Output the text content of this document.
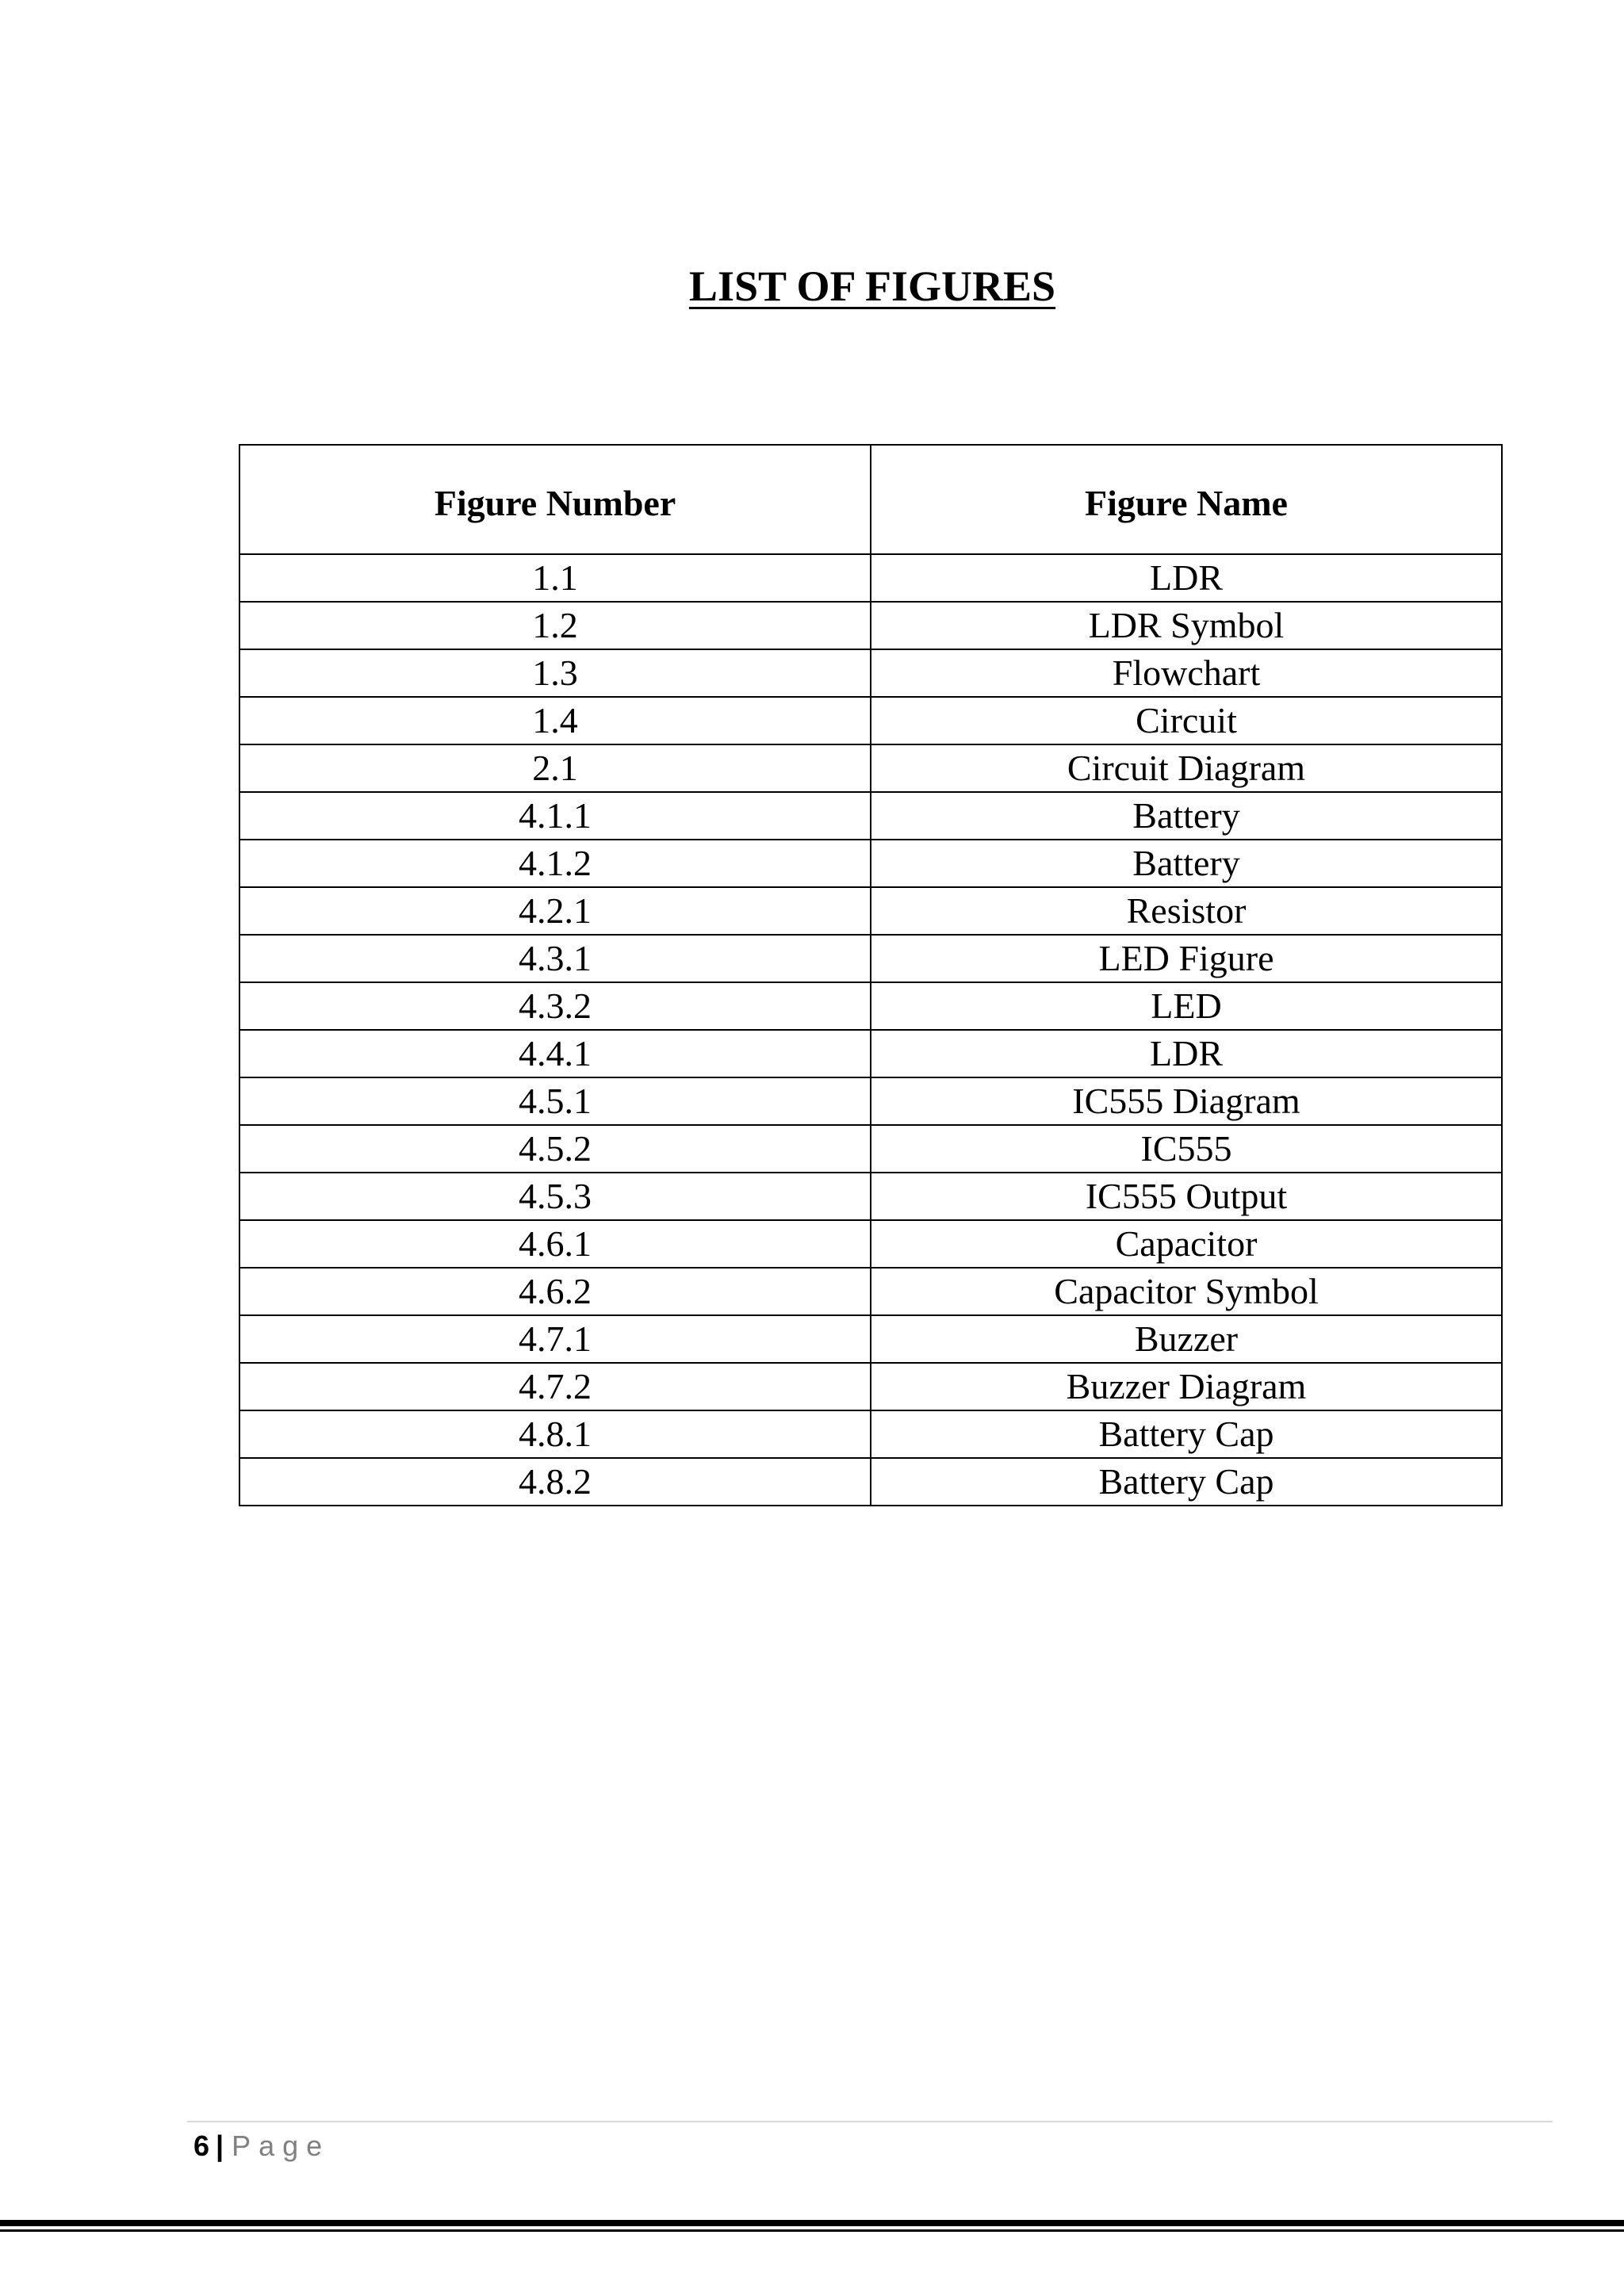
LIST OF FIGURES
Figure Number	Figure Name
1.1	LDR
1.2	LDR Symbol
1.3	Flowchart
1.4	Circuit
2.1	Circuit Diagram
4.1.1	Battery
4.1.2	Battery
4.2.1	Resistor
4.3.1	LED Figure
4.3.2	LED
4.4.1	LDR
4.5.1	IC555 Diagram
4.5.2	IC555
4.5.3	IC555 Output
4.6.1	Capacitor
4.6.2	Capacitor Symbol
4.7.1	Buzzer
4.7.2	Buzzer Diagram
4.8.1	Battery Cap
4.8.2	Battery Cap
6 | Page
